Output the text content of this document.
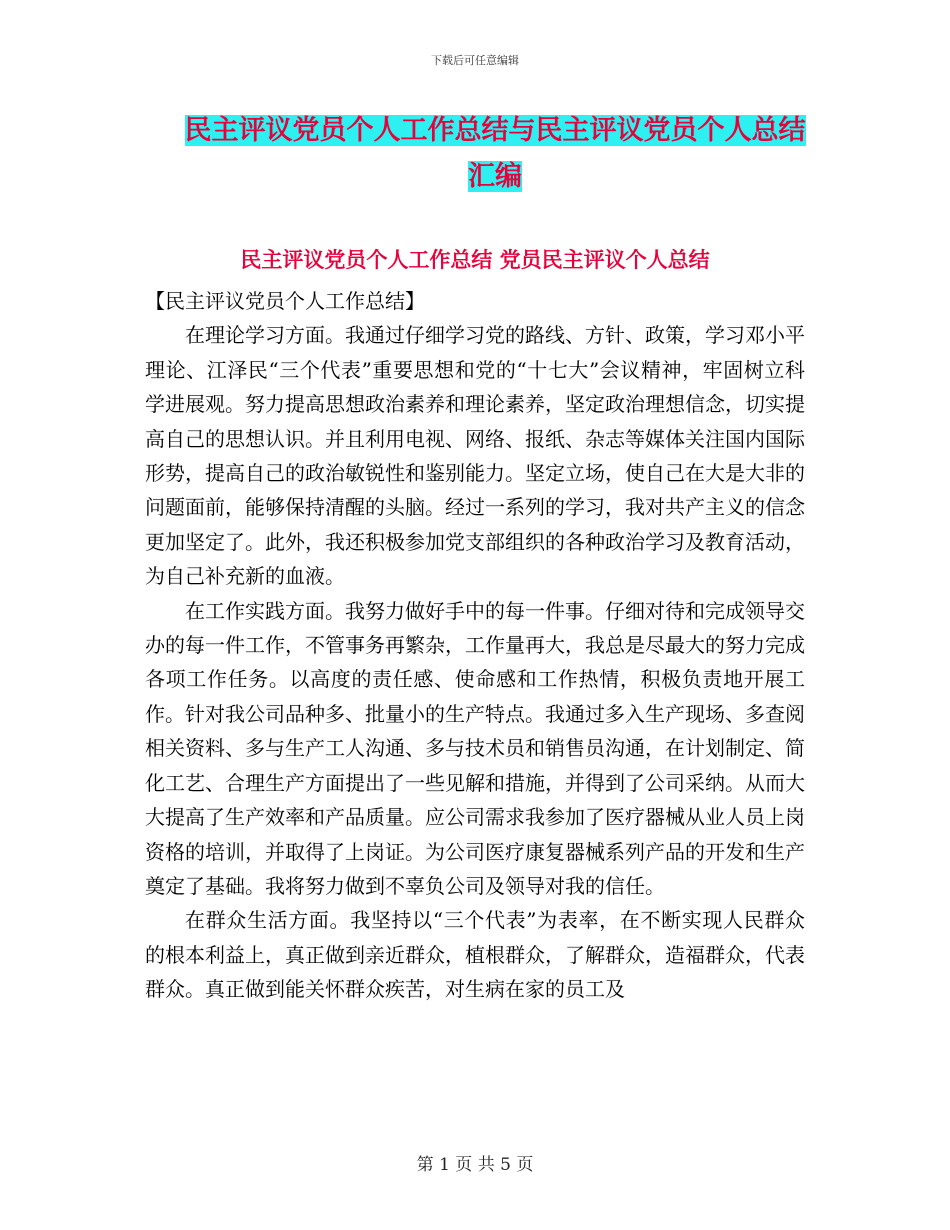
下载后可任意编辑
民主评议党员个人工作总结与民主评议党员个人总结
汇编
民主评议党员个人工作总结 党员民主评议个人总结

【民主评议党员个人工作总结】

在理论学习方面。我通过仔细学习党的路线、方针、政策，学习邓小平理论、江泽民“三个代表”重要思想和党的“十七大”会议精神，牢固树立科学进展观。努力提高思想政治素养和理论素养，坚定政治理想信念，切实提高自己的思想认识。并且利用电视、网络、报纸、杂志等媒体关注国内国际形势，提高自己的政治敏锐性和鉴别能力。坚定立场，使自己在大是大非的问题面前，能够保持清醒的头脑。经过一系列的学习，我对共产主义的信念更加坚定了。此外，我还积极参加党支部组织的各种政治学习及教育活动，为自己补充新的血液。

在工作实践方面。我努力做好手中的每一件事。仔细对待和完成领导交办的每一件工作，不管事务再繁杂，工作量再大，我总是尽最大的努力完成各项工作任务。以高度的责任感、使命感和工作热情，积极负责地开展工作。针对我公司品种多、批量小的生产特点。我通过多入生产现场、多查阅相关资料、多与生产工人沟通、多与技术员和销售员沟通，在计划制定、简化工艺、合理生产方面提出了一些见解和措施，并得到了公司采纳。从而大大提高了生产效率和产品质量。应公司需求我参加了医疗器械从业人员上岗资格的培训，并取得了上岗证。为公司医疗康复器械系列产品的开发和生产奠定了基础。我将努力做到不辜负公司及领导对我的信任。

在群众生活方面。我坚持以“三个代表”为表率，在不断实现人民群众的根本利益上，真正做到亲近群众，植根群众，了解群众，造福群众，代表群众。真正做到能关怀群众疾苦，对生病在家的员工及

第 1 页 共 5 页
